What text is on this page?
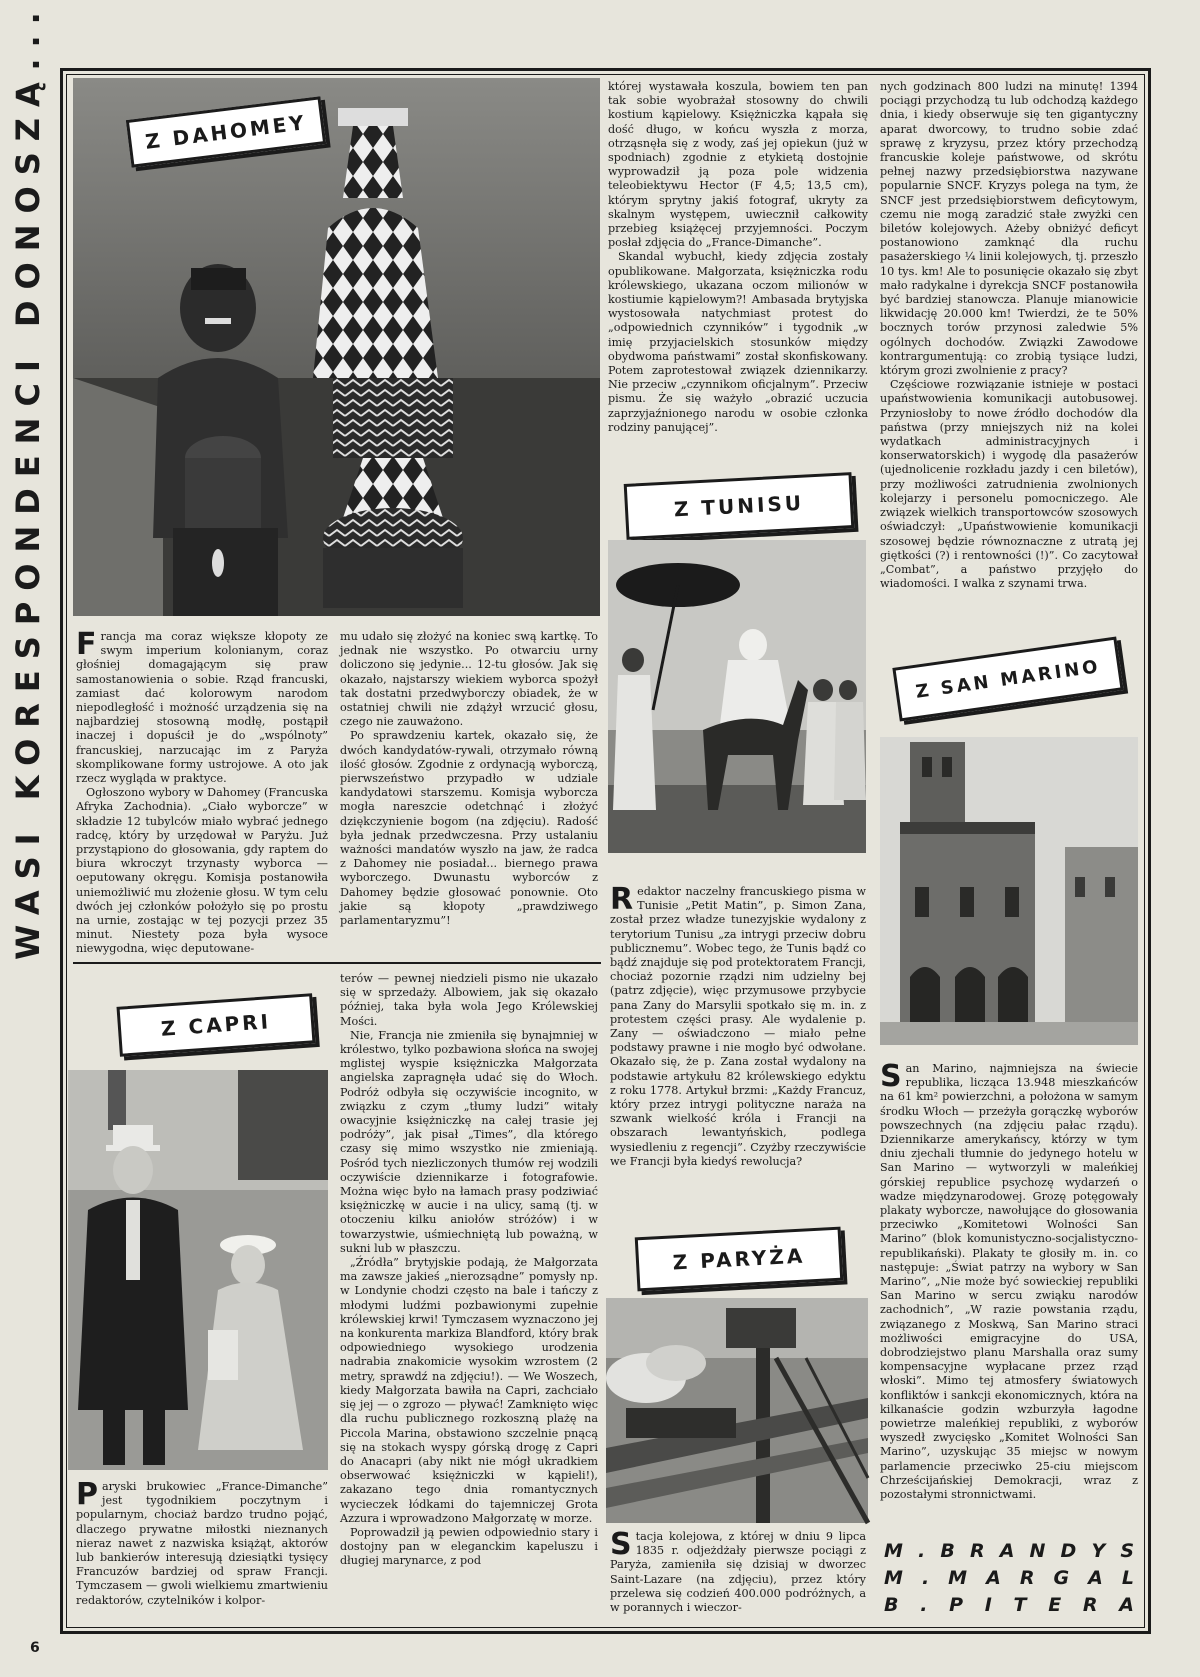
WASI KORESPONDENCI DONOSZĄ...	Z DAHOMEY

Francja ma coraz większe kłopoty ze swym imperium kolonianym, coraz głośniej domagającym się praw samostanowienia o sobie. Rząd francuski, zamiast dać kolorowym narodom niepodległość i możność urządzenia się na najbardziej stosowną modłę, postąpił inaczej i dopuścił je do „wspólnoty” francuskiej, narzucając im z Paryża skomplikowane formy ustrojowe. A oto jak rzecz wygląda w praktyce.

Ogłoszono wybory w Dahomey (Francuska Afryka Zachodnia). „Ciało wyborcze” w składzie 12 tubylców miało wybrać jednego radcę, który by urzędował w Paryżu. Już przystąpiono do głosowania, gdy raptem do biura wkroczyt trzynasty wyborca — oeputowany okręgu. Komisja postanowiła uniemożliwić mu złożenie głosu. W tym celu dwóch jej członków położyło się po prostu na urnie, zostając w tej pozycji przez 35 minut. Niestety poza była wysoce niewygodna, więc deputowane-

mu udało się złożyć na koniec swą kartkę. To jednak nie wszystko. Po otwarciu urny doliczono się jedynie... 12-tu głosów. Jak się okazało, najstarszy wiekiem wyborca spożył tak dostatni przedwyborczy obiadek, że w ostatniej chwili nie zdążył wrzucić głosu, czego nie zauważono.

Po sprawdzeniu kartek, okazało się, że dwóch kandydatów-rywali, otrzymało równą ilość głosów. Zgodnie z ordynacją wyborczą, pierwszeństwo przypadło w udziale kandydatowi starszemu. Komisja wyborcza mogła nareszcie odetchnąć i złożyć dziękczynienie bogom (na zdjęciu). Radość była jednak przedwczesna. Przy ustalaniu ważności mandatów wyszło na jaw, że radca z Dahomey nie posiadał... biernego prawa wyborczego. Dwunastu wyborców z Dahomey będzie głosować ponownie. Oto jakie są kłopoty „prawdziwego parlamentaryzmu”!

Z CAPRI

Paryski brukowiec „France-Dimanche” jest tygodnikiem poczytnym i popularnym, chociaż bardzo trudno pojąć, dlaczego prywatne miłostki nieznanych nieraz nawet z nazwiska książąt, aktorów lub bankierów interesują dziesiątki tysięcy Francuzów bardziej od spraw Francji. Tymczasem — gwoli wielkiemu zmartwieniu redaktorów, czytelników i kolpor-

terów — pewnej niedzieli pismo nie ukazało się w sprzedaży. Albowiem, jak się okazało później, taka była wola Jego Królewskiej Mości.

Nie, Francja nie zmieniła się bynajmniej w królestwo, tylko pozbawiona słońca na swojej mglistej wyspie księżniczka Małgorzata angielska zapragnęła udać się do Włoch. Podróż odbyła się oczywiście incognito, w związku z czym „tłumy ludzi” witały owacyjnie księżniczkę na całej trasie jej podróży”, jak pisał „Times”, dla którego czasy się mimo wszystko nie zmieniają. Pośród tych niezliczonych tłumów rej wodzili oczywiście dziennikarze i fotografowie. Można więc było na łamach prasy podziwiać księżniczkę w aucie i na ulicy, samą (tj. w otoczeniu kilku aniołów stróżów) i w towarzystwie, uśmiechniętą lub poważną, w sukni lub w płaszczu.

„Źródła” brytyjskie podają, że Małgorzata ma zawsze jakieś „nierozsądne” pomysły np. w Londynie chodzi często na bale i tańczy z młodymi ludźmi pozbawionymi zupełnie królewskiej krwi! Tymczasem wyznaczono jej na konkurenta markiza Blandford, który brak odpowiedniego wysokiego urodzenia nadrabia znakomicie wysokim wzrostem (2 metry, sprawdź na zdjęciu!). — We Woszech, kiedy Małgorzata bawiła na Capri, zachciało się jej — o zgrozo — pływać! Zamknięto więc dla ruchu publicznego rozkoszną plażę na Piccola Marina, obstawiono szczelnie pnącą się na stokach wyspy górską drogę z Capri do Anacapri (aby nikt nie mógł ukradkiem obserwować księżniczki w kąpieli!), zakazano tego dnia romantycznych wycieczek łódkami do tajemniczej Grota Azzura i wprowadzono Małgorzatę w morze.

Poprowadził ją pewien odpowiednio stary i dostojny pan w eleganckim kapeluszu i długiej marynarce, z pod

której wystawała koszula, bowiem ten pan tak sobie wyobrażał stosowny do chwili kostium kąpielowy. Księżniczka kąpała się dość długo, w końcu wyszła z morza, otrząsnęła się z wody, zaś jej opiekun (już w spodniach) zgodnie z etykietą dostojnie wyprowadził ją poza pole widzenia teleobiektywu Hector (F 4,5; 13,5 cm), którym sprytny jakiś fotograf, ukryty za skalnym występem, uwiecznił całkowity przebieg książęcej przyjemności. Poczym posłał zdjęcia do „France-Dimanche”.

Skandal wybuchł, kiedy zdjęcia zostały opublikowane. Małgorzata, księżniczka rodu królewskiego, ukazana oczom milionów w kostiumie kąpielowym?! Ambasada brytyjska wystosowała natychmiast protest do „odpowiednich czynników” i tygodnik „w imię przyjacielskich stosunków między obydwoma państwami” został skonfiskowany. Potem zaprotestował związek dziennikarzy. Nie przeciw „czynnikom oficjalnym”. Przeciw pismu. Że się ważyło „obrazić uczucia zaprzyjaźnionego narodu w osobie członka rodziny panującej”.

Z TUNISU

Redaktor naczelny francuskiego pisma w Tunisie „Petit Matin”, p. Simon Zana, został przez władze tunezyjskie wydalony z terytorium Tunisu „za intrygi przeciw dobru publicznemu”. Wobec tego, że Tunis bądź co bądź znajduje się pod protektoratem Francji, chociaż pozornie rządzi nim udzielny bej (patrz zdjęcie), więc przymusowe przybycie pana Zany do Marsylii spotkało się m. in. z protestem części prasy. Ale wydalenie p. Zany — oświadczono — miało pełne podstawy prawne i nie mogło być odwołane. Okazało się, że p. Zana został wydalony na podstawie artykułu 82 królewskiego edyktu z roku 1778. Artykuł brzmi: „Każdy Francuz, który przez intrygi polityczne naraża na szwank wielkość króla i Francji na obszarach lewantyńskich, podlega wysiedleniu z regencji”. Czyżby rzeczywiście we Francji była kiedyś rewolucja?

Z PARYŻA

Stacja kolejowa, z której w dniu 9 lipca 1835 r. odjeżdżały pierwsze pociągi z Paryża, zamieniła się dzisiaj w dworzec Saint-Lazare (na zdjęciu), przez który przelewa się codzień 400.000 podróżnych, a w porannych i wieczor-

nych godzinach 800 ludzi na minutę! 1394 pociągi przychodzą tu lub odchodzą każdego dnia, i kiedy obserwuje się ten gigantyczny aparat dworcowy, to trudno sobie zdać sprawę z kryzysu, przez który przechodzą francuskie koleje państwowe, od skrótu pełnej nazwy przedsiębiorstwa nazywane popularnie SNCF. Kryzys polega na tym, że SNCF jest przedsiębiorstwem deficytowym, czemu nie mogą zaradzić stałe zwyżki cen biletów kolejowych. Ażeby obniżyć deficyt postanowiono zamknąć dla ruchu pasażerskiego ¼ linii kolejowych, tj. przeszło 10 tys. km! Ale to posunięcie okazało się zbyt mało radykalne i dyrekcja SNCF postanowiła być bardziej stanowcza. Planuje mianowicie likwidację 20.000 km! Twierdzi, że te 50% bocznych torów przynosi zaledwie 5% ogólnych dochodów. Związki Zawodowe kontrargumentują: co zrobią tysiące ludzi, którym grozi zwolnienie z pracy?

Częściowe rozwiązanie istnieje w postaci upaństwowienia komunikacji autobusowej. Przyniosłoby to nowe źródło dochodów dla państwa (przy mniejszych niż na kolei wydatkach administracyjnych i konserwatorskich) i wygodę dla pasażerów (ujednolicenie rozkładu jazdy i cen biletów), przy możliwości zatrudnienia zwolnionych kolejarzy i personelu pomocniczego. Ale związek wielkich transportowców szosowych oświadczył: „Upaństwowienie komunikacji szosowej będzie równoznaczne z utratą jej giętkości (?) i rentowności (!)”. Co zacytował „Combat”, a państwo przyjęło do wiadomości. I walka z szynami trwa.

Z SAN MARINO

San Marino, najmniejsza na świecie republika, licząca 13.948 mieszkańców na 61 km² powierzchni, a położona w samym środku Włoch — przeżyła gorączkę wyborów powszechnych (na zdjęciu pałac rządu). Dziennikarze amerykańscy, którzy w tym dniu zjechali tłumnie do jedynego hotelu w San Marino — wytworzyli w maleńkiej górskiej republice psychozę wydarzeń o wadze międzynarodowej. Grozę potęgowały plakaty wyborcze, nawołujące do głosowania przeciwko „Komitetowi Wolności San Marino” (blok komunistyczno-socjalistyczno-republikański). Plakaty te głosiły m. in. co następuje: „Świat patrzy na wybory w San Marino”, „Nie może być sowieckiej republiki San Marino w sercu zwiąku narodów zachodnich”, „W razie powstania rządu, związanego z Moskwą, San Marino straci możliwości emigracyjne do USA, dobrodziejstwo planu Marshalla oraz sumy kompensacyjne wypłacane przez rząd włoski”. Mimo tej atmosfery światowych konfliktów i sankcji ekonomicznych, która na kilkanaście godzin wzburzyła łagodne powietrze maleńkiej republiki, z wyborów wyszedł zwycięsko „Komitet Wolności San Marino”, uzyskując 35 miejsc w nowym parlamencie przeciwko 25-ciu miejscom Chrześcijańskiej Demokracji, wraz z pozostałymi stronnictwami.

M . B R A N D Y S
M . M A R G A L
B . P I T E R A
6
